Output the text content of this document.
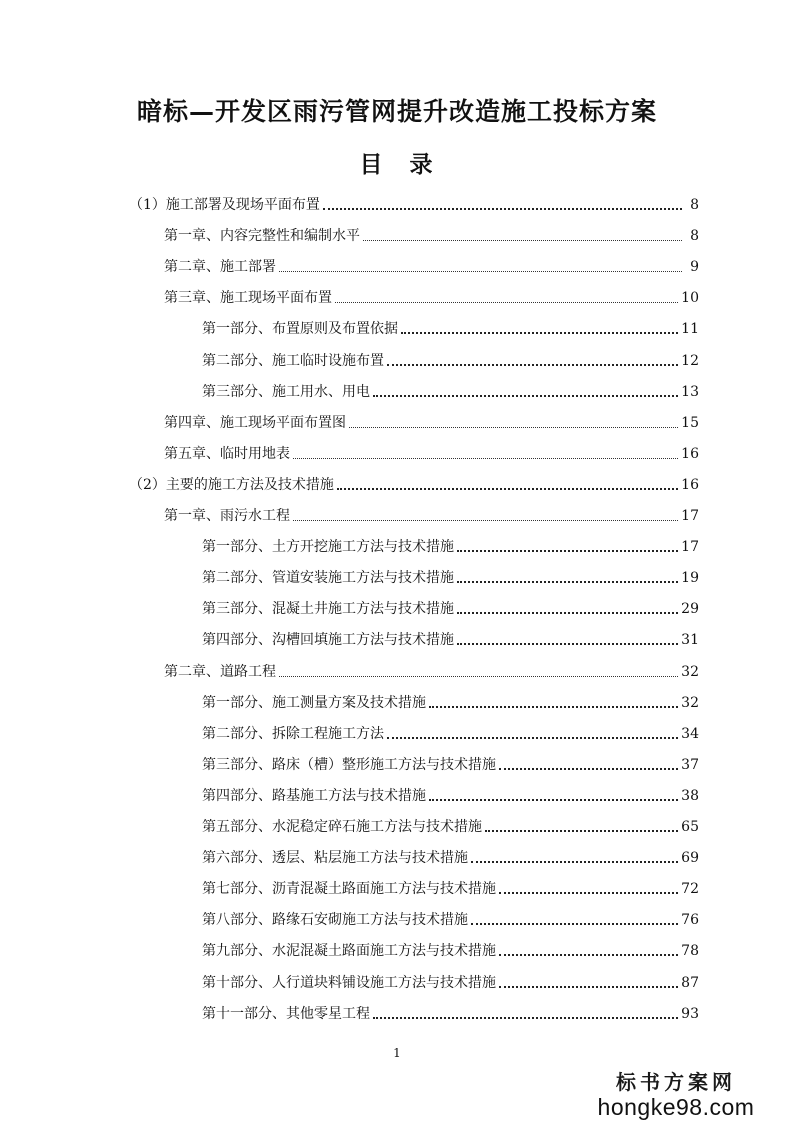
暗标—开发区雨污管网提升改造施工投标方案
目　录
（1）施工部署及现场平面布置	8
第一章、内容完整性和编制水平	8
第二章、施工部署	9
第三章、施工现场平面布置	10
第一部分、布置原则及布置依据	11
第二部分、施工临时设施布置	12
第三部分、施工用水、用电	13
第四章、施工现场平面布置图	15
第五章、临时用地表	16
（2）主要的施工方法及技术措施	16
第一章、雨污水工程	17
第一部分、土方开挖施工方法与技术措施	17
第二部分、管道安装施工方法与技术措施	19
第三部分、混凝土井施工方法与技术措施	29
第四部分、沟槽回填施工方法与技术措施	31
第二章、道路工程	32
第一部分、施工测量方案及技术措施	32
第二部分、拆除工程施工方法	34
第三部分、路床（槽）整形施工方法与技术措施	37
第四部分、路基施工方法与技术措施	38
第五部分、水泥稳定碎石施工方法与技术措施	65
第六部分、透层、粘层施工方法与技术措施	69
第七部分、沥青混凝土路面施工方法与技术措施	72
第八部分、路缘石安砌施工方法与技术措施	76
第九部分、水泥混凝土路面施工方法与技术措施	78
第十部分、人行道块料铺设施工方法与技术措施	87
第十一部分、其他零星工程	93
1
标书方案网
hongke98.com
